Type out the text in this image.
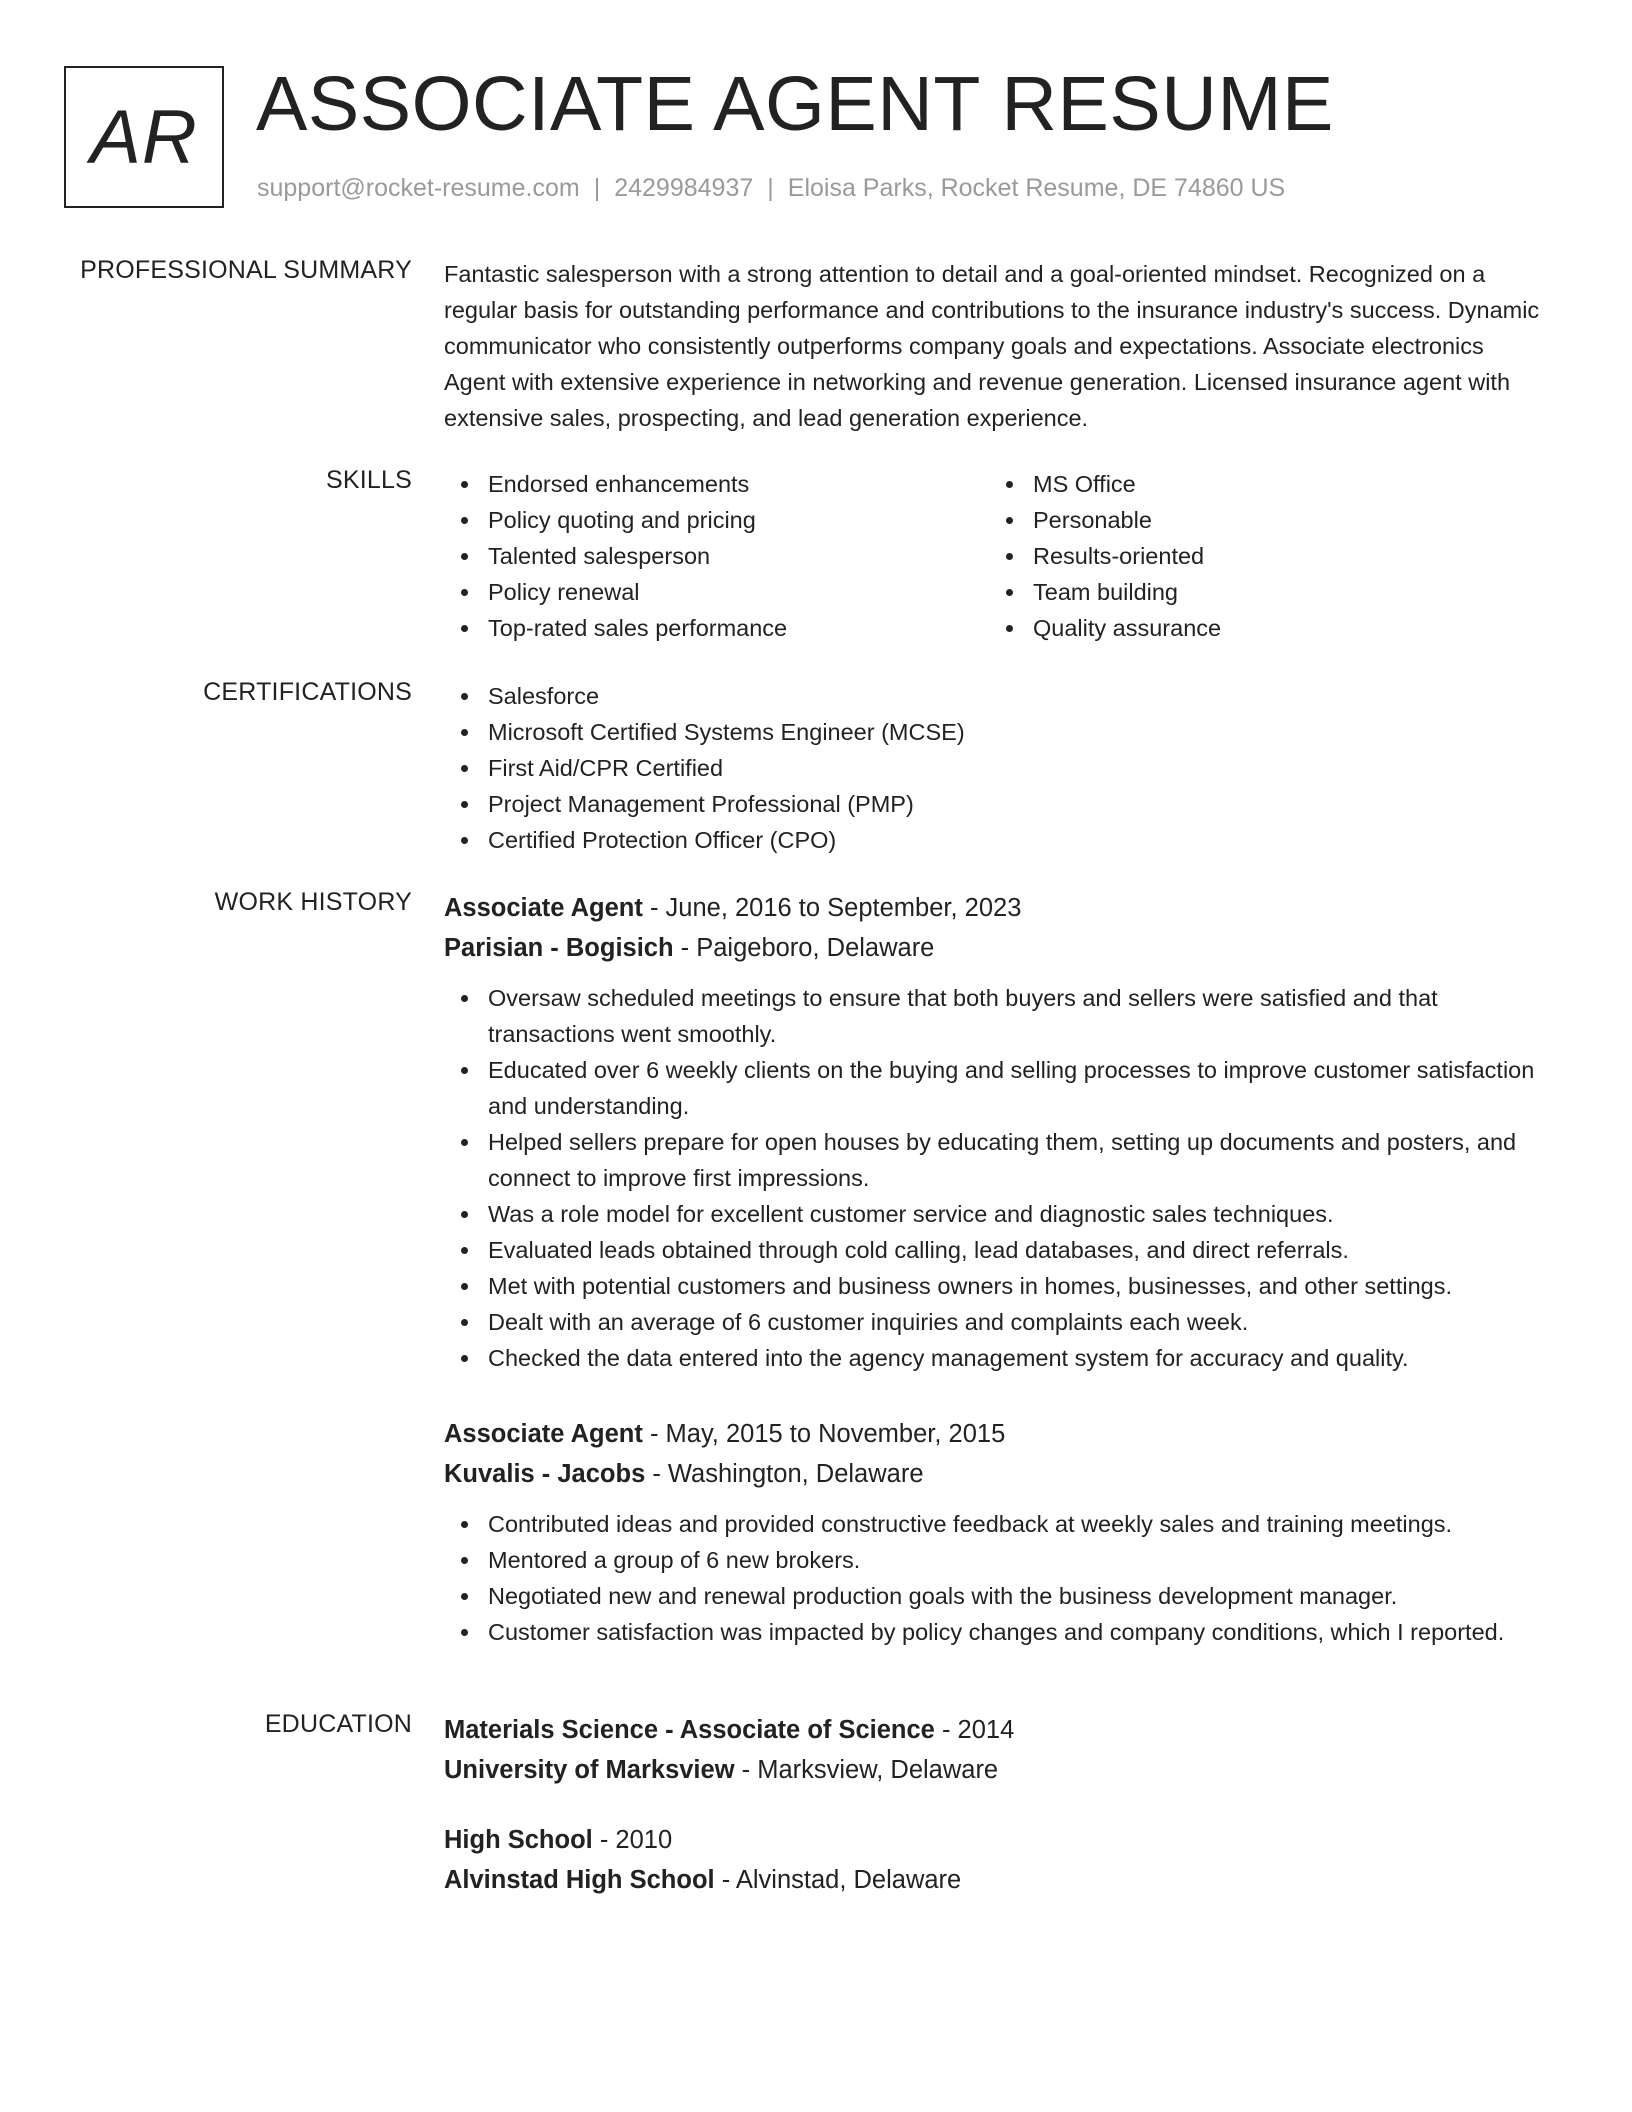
AR ASSOCIATE AGENT RESUME
support@rocket-resume.com | 2429984937 | Eloisa Parks, Rocket Resume, DE 74860 US
PROFESSIONAL SUMMARY Fantastic salesperson with a strong attention to detail and a goal-oriented mindset. Recognized on a regular basis for outstanding performance and contributions to the insurance industry's success. Dynamic communicator who consistently outperforms company goals and expectations. Associate electronics Agent with extensive experience in networking and revenue generation. Licensed insurance agent with extensive sales, prospecting, and lead generation experience.
SKILLS	Endorsed enhancements
Policy quoting and pricing
Talented salesperson
Policy renewal
Top-rated sales performance
MS Office
Personable
Results-oriented
Team building
Quality assurance
CERTIFICATIONS	Salesforce
Microsoft Certified Systems Engineer (MCSE)
First Aid/CPR Certified
Project Management Professional (PMP)
Certified Protection Officer (CPO)
WORK HISTORY Associate Agent - June, 2016 to September, 2023
Parisian - Bogisich - Paigeboro, Delaware
Oversaw scheduled meetings to ensure that both buyers and sellers were satisfied and that transactions went smoothly.
Educated over 6 weekly clients on the buying and selling processes to improve customer satisfaction and understanding.
Helped sellers prepare for open houses by educating them, setting up documents and posters, and connect to improve first impressions.
Was a role model for excellent customer service and diagnostic sales techniques.
Evaluated leads obtained through cold calling, lead databases, and direct referrals.
Met with potential customers and business owners in homes, businesses, and other settings.
Dealt with an average of 6 customer inquiries and complaints each week.
Checked the data entered into the agency management system for accuracy and quality.
Associate Agent - May, 2015 to November, 2015
Kuvalis - Jacobs - Washington, Delaware
Contributed ideas and provided constructive feedback at weekly sales and training meetings.
Mentored a group of 6 new brokers.
Negotiated new and renewal production goals with the business development manager.
Customer satisfaction was impacted by policy changes and company conditions, which I reported.
EDUCATION Materials Science - Associate of Science - 2014
University of Marksview - Marksview, Delaware
High School - 2010
Alvinstad High School - Alvinstad, Delaware
